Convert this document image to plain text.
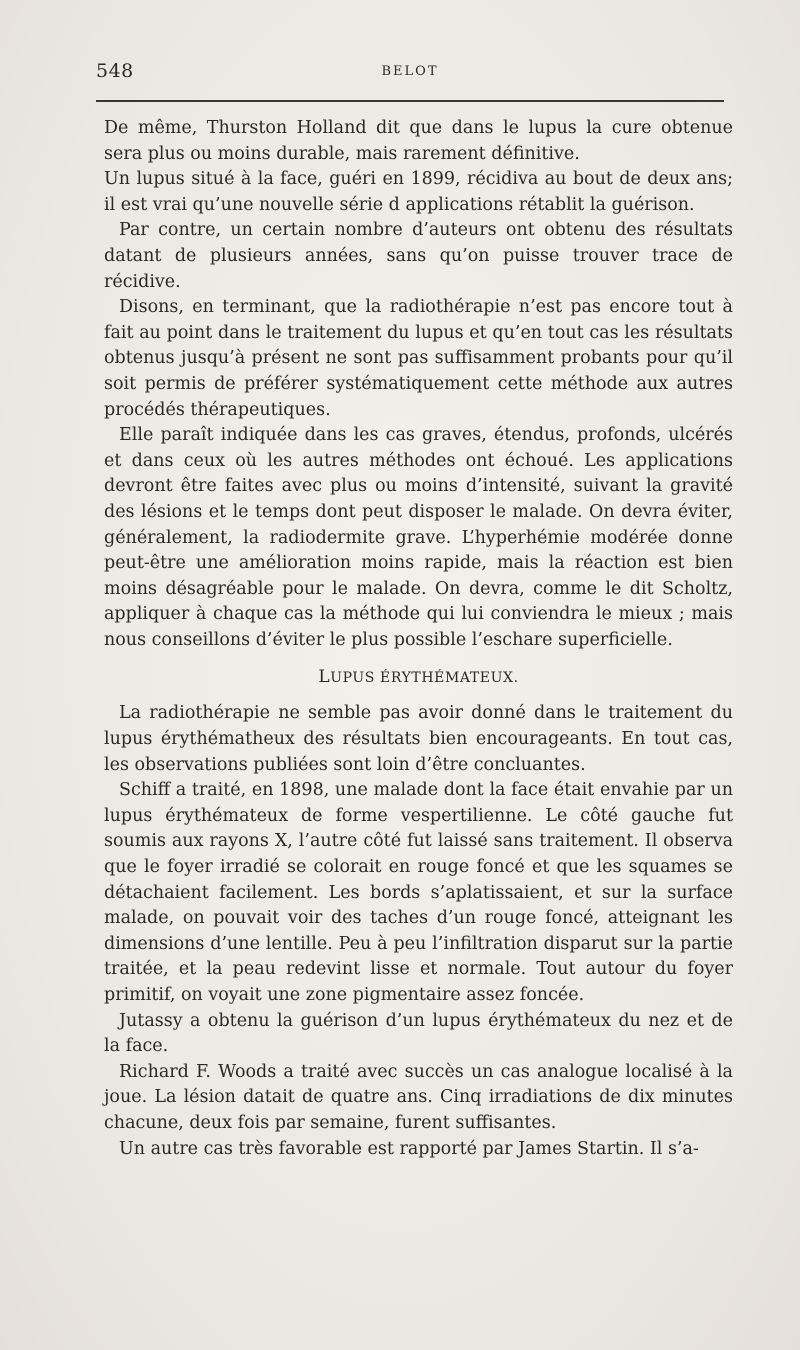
548	BELOT

De même, Thurston Holland dit que dans le lupus la cure obtenue sera plus ou moins durable, mais rarement définitive.

Un lupus situé à la face, guéri en 1899, récidiva au bout de deux ans; il est vrai qu’une nouvelle série d applications rétablit la guérison.

Par contre, un certain nombre d’auteurs ont obtenu des résultats datant de plusieurs années, sans qu’on puisse trouver trace de récidive.

Disons, en terminant, que la radiothérapie n’est pas encore tout à fait au point dans le traitement du lupus et qu’en tout cas les résultats obtenus jusqu’à présent ne sont pas suffisamment probants pour qu’il soit permis de préférer systématiquement cette méthode aux autres procédés thérapeutiques.

Elle paraît indiquée dans les cas graves, étendus, profonds, ulcérés et dans ceux où les autres méthodes ont échoué. Les applications devront être faites avec plus ou moins d’intensité, suivant la gravité des lésions et le temps dont peut disposer le malade. On devra éviter, généralement, la radiodermite grave. L’hyperhémie modérée donne peut-être une amélioration moins rapide, mais la réaction est bien moins désagréable pour le malade. On devra, comme le dit Scholtz, appliquer à chaque cas la méthode qui lui conviendra le mieux ; mais nous conseillons d’éviter le plus possible l’eschare superficielle.

LUPUS ÉRYTHÉMATEUX.

La radiothérapie ne semble pas avoir donné dans le traitement du lupus érythématheux des résultats bien encourageants. En tout cas, les observations publiées sont loin d’être concluantes.

Schiff a traité, en 1898, une malade dont la face était envahie par un lupus érythémateux de forme vespertilienne. Le côté gauche fut soumis aux rayons X, l’autre côté fut laissé sans traitement. Il observa que le foyer irradié se colorait en rouge foncé et que les squames se détachaient facilement. Les bords s’aplatissaient, et sur la surface malade, on pouvait voir des taches d’un rouge foncé, atteignant les dimensions d’une lentille. Peu à peu l’infiltration disparut sur la partie traitée, et la peau redevint lisse et normale. Tout autour du foyer primitif, on voyait une zone pigmentaire assez foncée.

Jutassy a obtenu la guérison d’un lupus érythémateux du nez et de la face.

Richard F. Woods a traité avec succès un cas analogue localisé à la joue. La lésion datait de quatre ans. Cinq irradiations de dix minutes chacune, deux fois par semaine, furent suffisantes.

Un autre cas très favorable est rapporté par James Startin. Il s’a-
